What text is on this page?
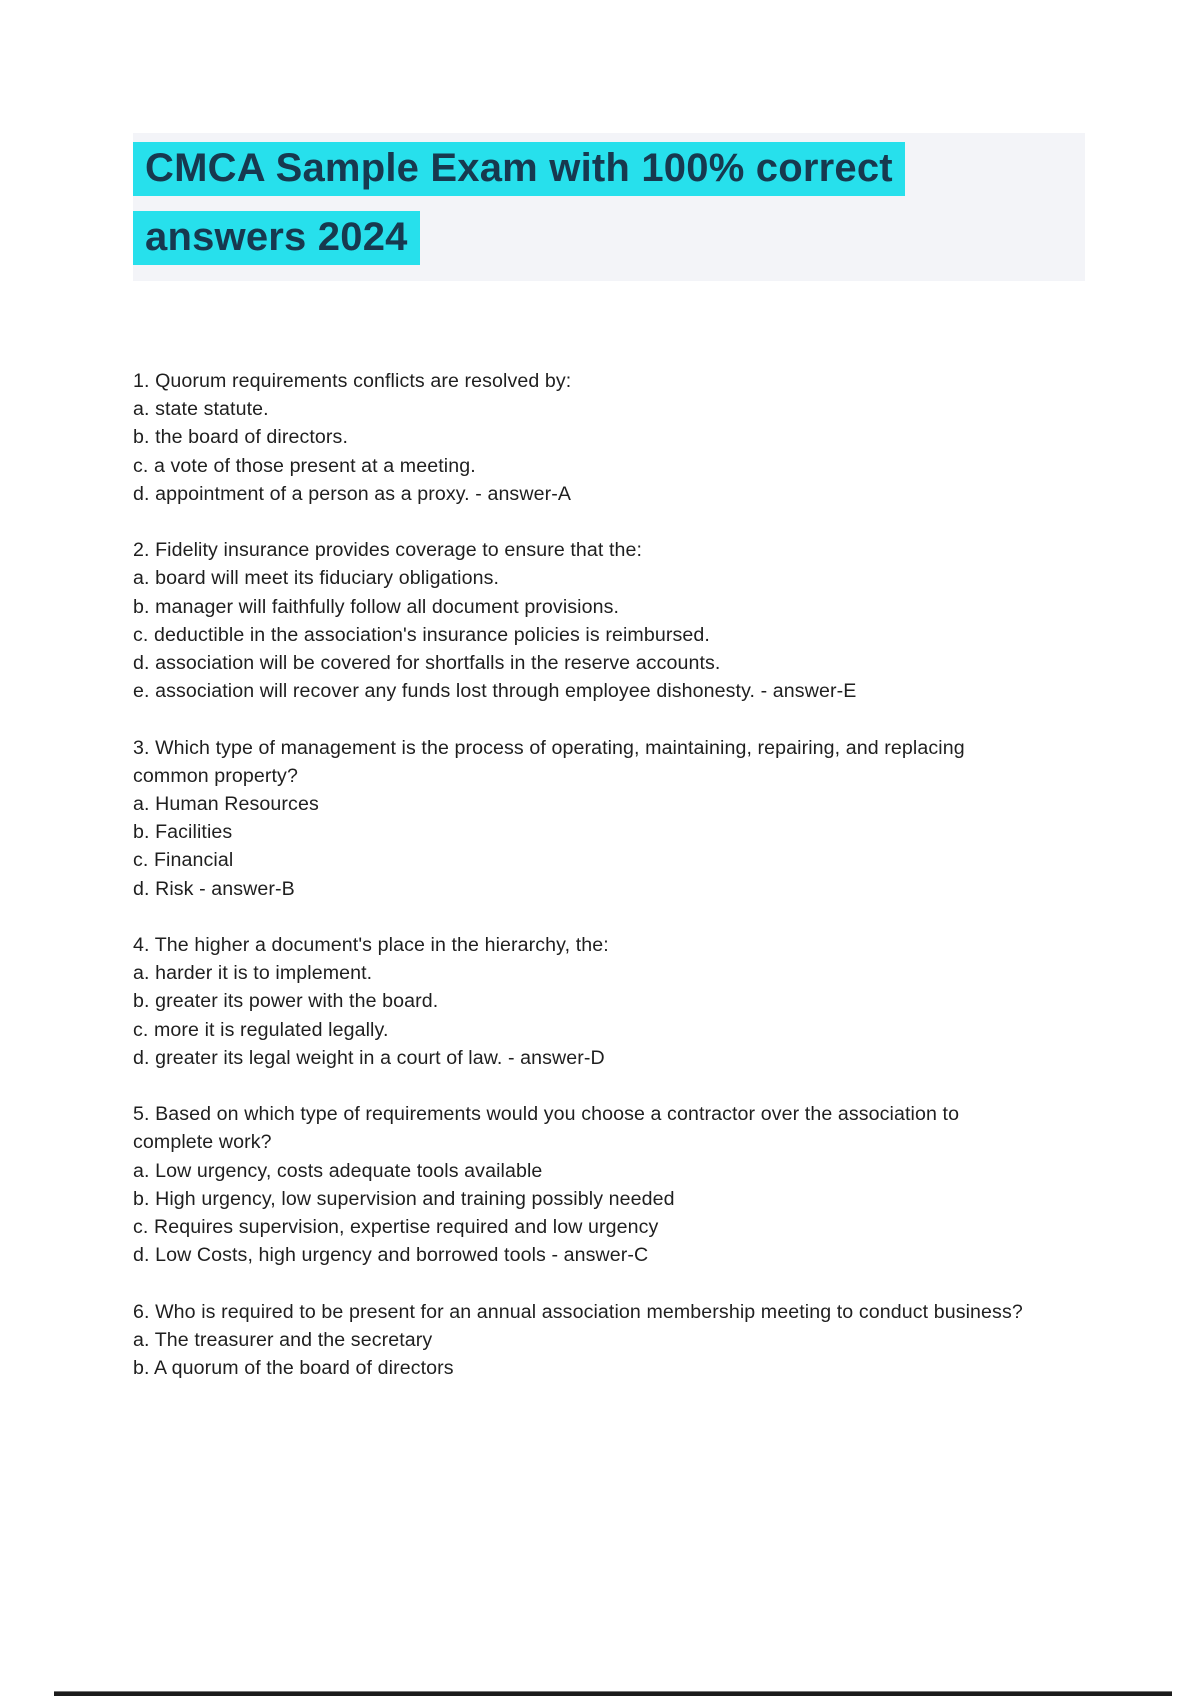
CMCA Sample Exam with 100% correct
answers 2024
1. Quorum requirements conflicts are resolved by:
a. state statute.
b. the board of directors.
c. a vote of those present at a meeting.
d. appointment of a person as a proxy. - answer-A
2. Fidelity insurance provides coverage to ensure that the:
a. board will meet its fiduciary obligations.
b. manager will faithfully follow all document provisions.
c. deductible in the association's insurance policies is reimbursed.
d. association will be covered for shortfalls in the reserve accounts.
e. association will recover any funds lost through employee dishonesty. - answer-E
3. Which type of management is the process of operating, maintaining, repairing, and replacing common property?
a. Human Resources
b. Facilities
c. Financial
d. Risk - answer-B
4. The higher a document's place in the hierarchy, the:
a. harder it is to implement.
b. greater its power with the board.
c. more it is regulated legally.
d. greater its legal weight in a court of law. - answer-D
5. Based on which type of requirements would you choose a contractor over the association to complete work?
a. Low urgency, costs adequate tools available
b. High urgency, low supervision and training possibly needed
c. Requires supervision, expertise required and low urgency
d. Low Costs, high urgency and borrowed tools - answer-C
6. Who is required to be present for an annual association membership meeting to conduct business?
a. The treasurer and the secretary
b. A quorum of the board of directors
